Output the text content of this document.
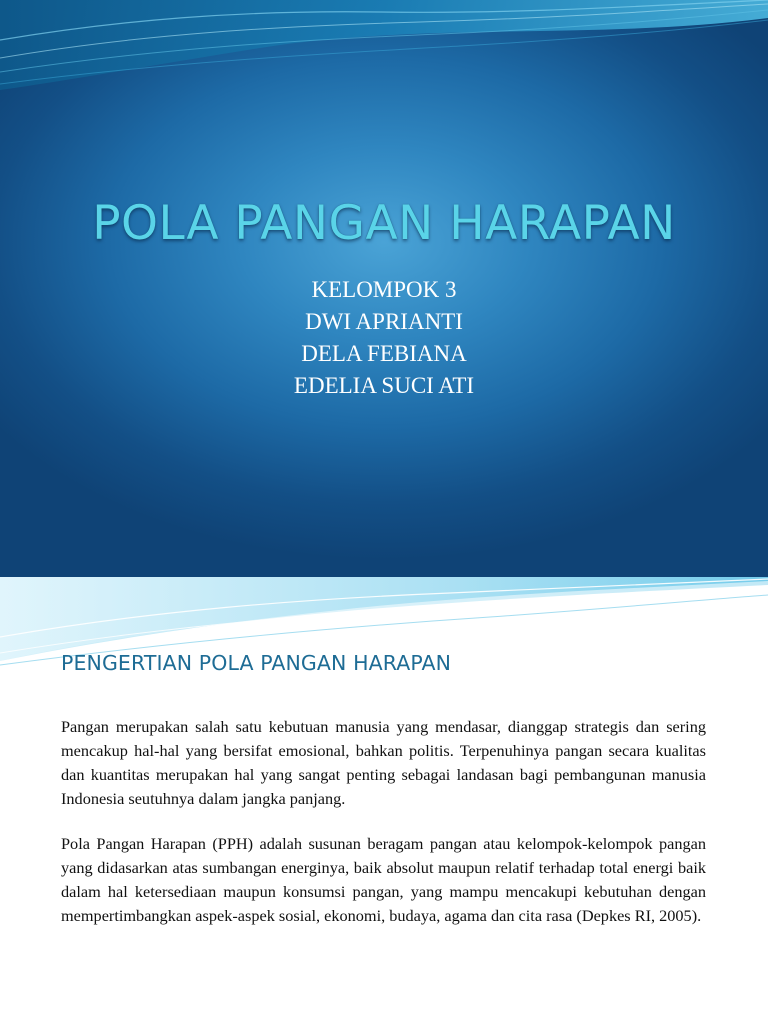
POLA PANGAN HARAPAN
KELOMPOK 3
DWI APRIANTI
DELA FEBIANA
EDELIA SUCI ATI
PENGERTIAN POLA PANGAN HARAPAN

Pangan merupakan salah satu kebutuan manusia yang mendasar, dianggap strategis dan sering mencakup hal-hal yang bersifat emosional, bahkan politis. Terpenuhinya pangan secara kualitas dan kuantitas merupakan hal yang sangat penting sebagai landasan bagi pembangunan manusia Indonesia seutuhnya dalam jangka panjang.

Pola Pangan Harapan (PPH) adalah susunan beragam pangan atau kelompok-kelompok pangan yang didasarkan atas sumbangan energinya, baik absolut maupun relatif terhadap total energi baik dalam hal ketersediaan maupun konsumsi pangan, yang mampu mencakupi kebutuhan dengan mempertimbangkan aspek-aspek sosial, ekonomi, budaya, agama dan cita rasa (Depkes RI, 2005).
